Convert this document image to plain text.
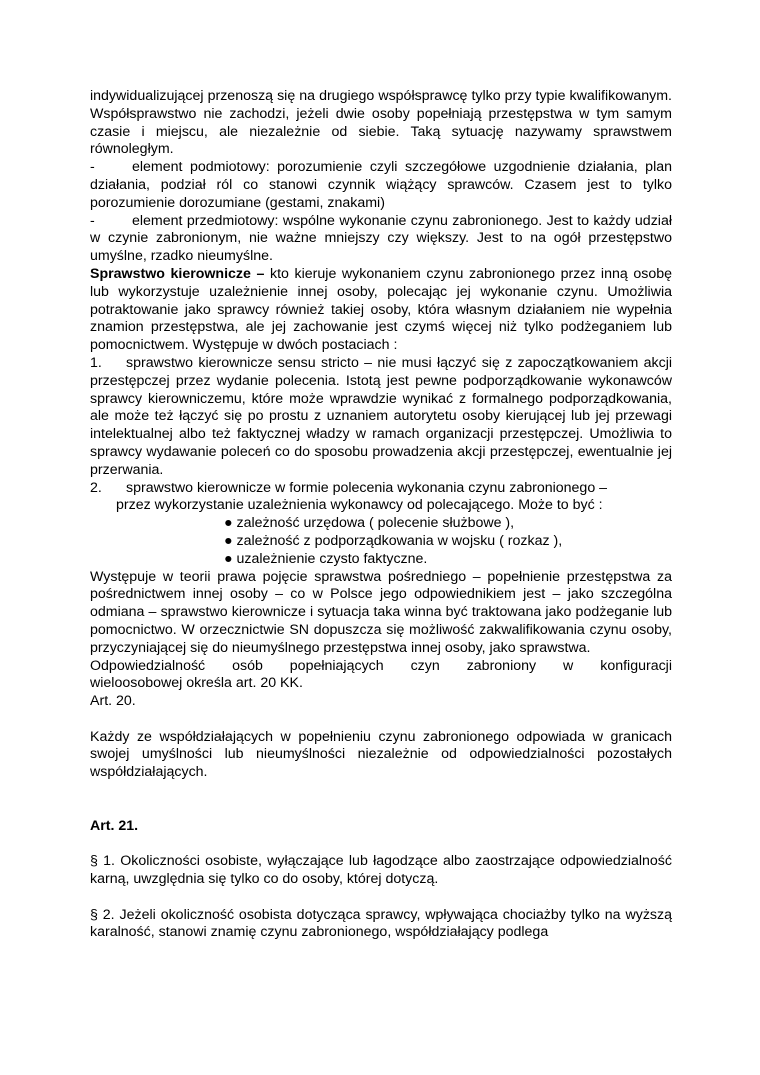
indywidualizującej przenoszą się na drugiego współsprawcę tylko przy typie kwalifikowanym. Współsprawstwo nie zachodzi, jeżeli dwie osoby popełniają przestępstwa w tym samym czasie i miejscu, ale niezależnie od siebie. Taką sytuację nazywamy sprawstwem równoległym.

-	element podmiotowy: porozumienie czyli szczegółowe uzgodnienie działania, plan działania, podział ról co stanowi czynnik wiążący sprawców. Czasem jest to tylko porozumienie dorozumiane (gestami, znakami)

-	element przedmiotowy: wspólne wykonanie czynu zabronionego. Jest to każdy udział w czynie zabronionym, nie ważne mniejszy czy większy. Jest to na ogół przestępstwo umyślne, rzadko nieumyślne.

Sprawstwo kierownicze – kto kieruje wykonaniem czynu zabronionego przez inną osobę lub wykorzystuje uzależnienie innej osoby, polecając jej wykonanie czynu. Umożliwia potraktowanie jako sprawcy również takiej osoby, która własnym działaniem nie wypełnia znamion przestępstwa, ale jej zachowanie jest czymś więcej niż tylko podżeganiem lub pomocnictwem. Występuje w dwóch postaciach :

1. sprawstwo kierownicze sensu stricto – nie musi łączyć się z zapoczątkowaniem akcji przestępczej przez wydanie polecenia. Istotą jest pewne podporządkowanie wykonawców sprawcy kierowniczemu, które może wprawdzie wynikać z formalnego podporządkowania, ale może też łączyć się po prostu z uznaniem autorytetu osoby kierującej lub jej przewagi intelektualnej albo też faktycznej władzy w ramach organizacji przestępczej. Umożliwia to sprawcy wydawanie poleceń co do sposobu prowadzenia akcji przestępczej, ewentualnie jej przerwania.

2. sprawstwo kierownicze w formie polecenia wykonania czynu zabronionego –

przez wykorzystanie uzależnienia wykonawcy od polecającego. Może to być :

● zależność urzędowa ( polecenie służbowe ),

● zależność z podporządkowania w wojsku ( rozkaz ),

● uzależnienie czysto faktyczne.

Występuje w teorii prawa pojęcie sprawstwa pośredniego – popełnienie przestępstwa za pośrednictwem innej osoby – co w Polsce jego odpowiednikiem jest – jako szczególna odmiana – sprawstwo kierownicze i sytuacja taka winna być traktowana jako podżeganie lub pomocnictwo. W orzecznictwie SN dopuszcza się możliwość zakwalifikowania czynu osoby, przyczyniającej się do nieumyślnego przestępstwa innej osoby, jako sprawstwa.

Odpowiedzialność osób popełniających czyn zabroniony w konfiguracji

wieloosobowej określa art. 20 KK.

Art. 20.

Każdy ze współdziałających w popełnieniu czynu zabronionego odpowiada w granicach swojej umyślności lub nieumyślności niezależnie od odpowiedzialności pozostałych współdziałających.

Art. 21.

§ 1. Okoliczności osobiste, wyłączające lub łagodzące albo zaostrzające odpowiedzialność karną, uwzględnia się tylko co do osoby, której dotyczą.

§ 2. Jeżeli okoliczność osobista dotycząca sprawcy, wpływająca chociażby tylko na wyższą karalność, stanowi znamię czynu zabronionego, współdziałający podlega
